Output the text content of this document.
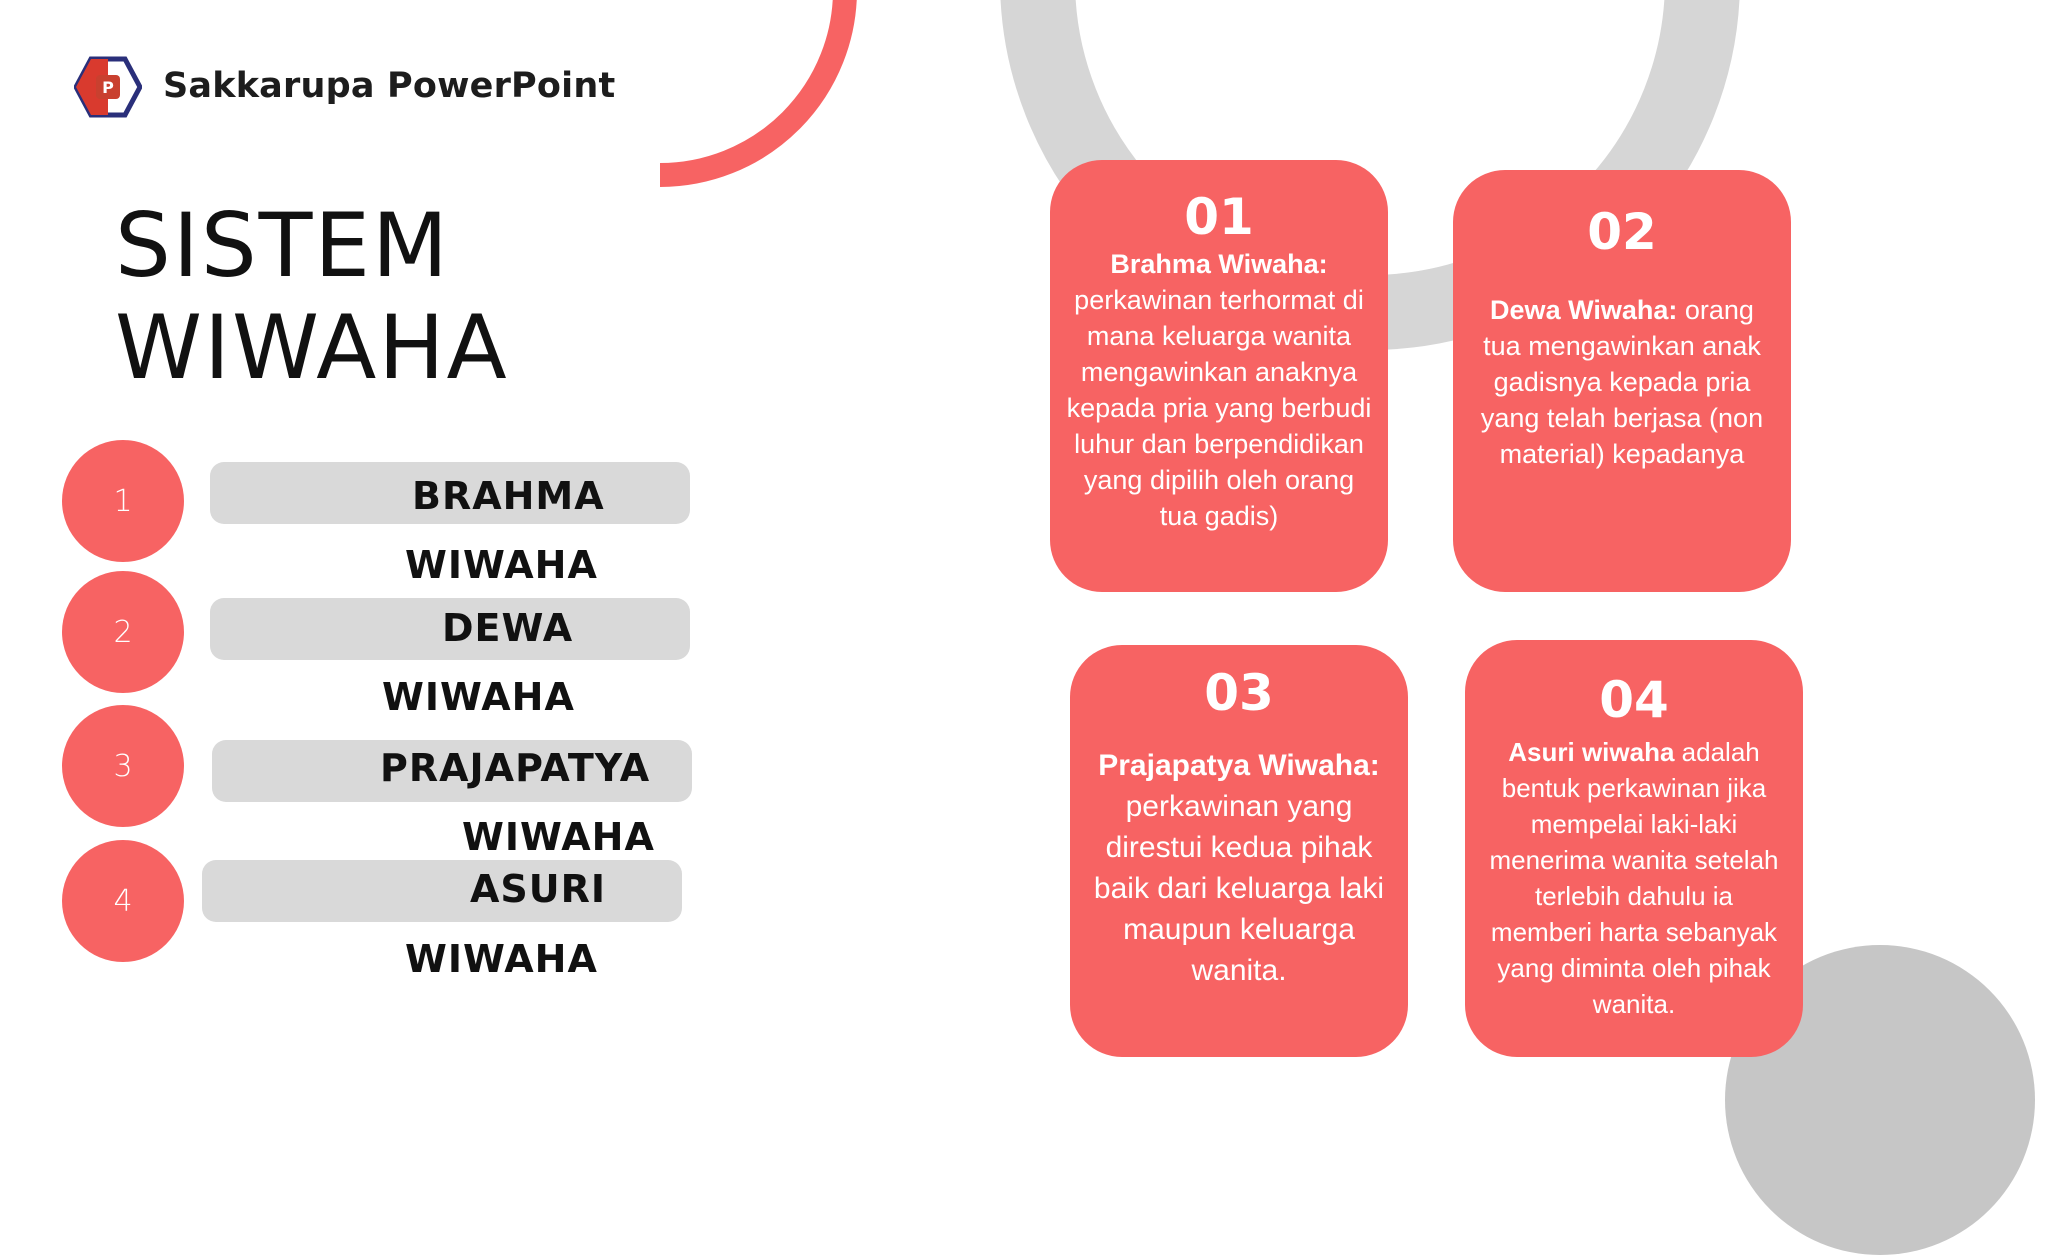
P Sakkarupa PowerPoint
SISTEM
WIWAHA
1	BRAHMA
WIWAHA
2	DEWA
WIWAHA
3	PRAJAPATYA
WIWAHA
4	ASURI
WIWAHA
01
Brahma Wiwaha: perkawinan terhormat di mana keluarga wanita mengawinkan anaknya kepada pria yang berbudi luhur dan berpendidikan yang dipilih oleh orang tua gadis)
02
Dewa Wiwaha: orang tua mengawinkan anak gadisnya kepada pria yang telah berjasa (non material) kepadanya
03
Prajapatya Wiwaha:
perkawinan yang direstui kedua pihak baik dari keluarga laki maupun keluarga wanita.
04
Asuri wiwaha adalah bentuk perkawinan jika mempelai laki-laki menerima wanita setelah terlebih dahulu ia memberi harta sebanyak yang diminta oleh pihak wanita.
